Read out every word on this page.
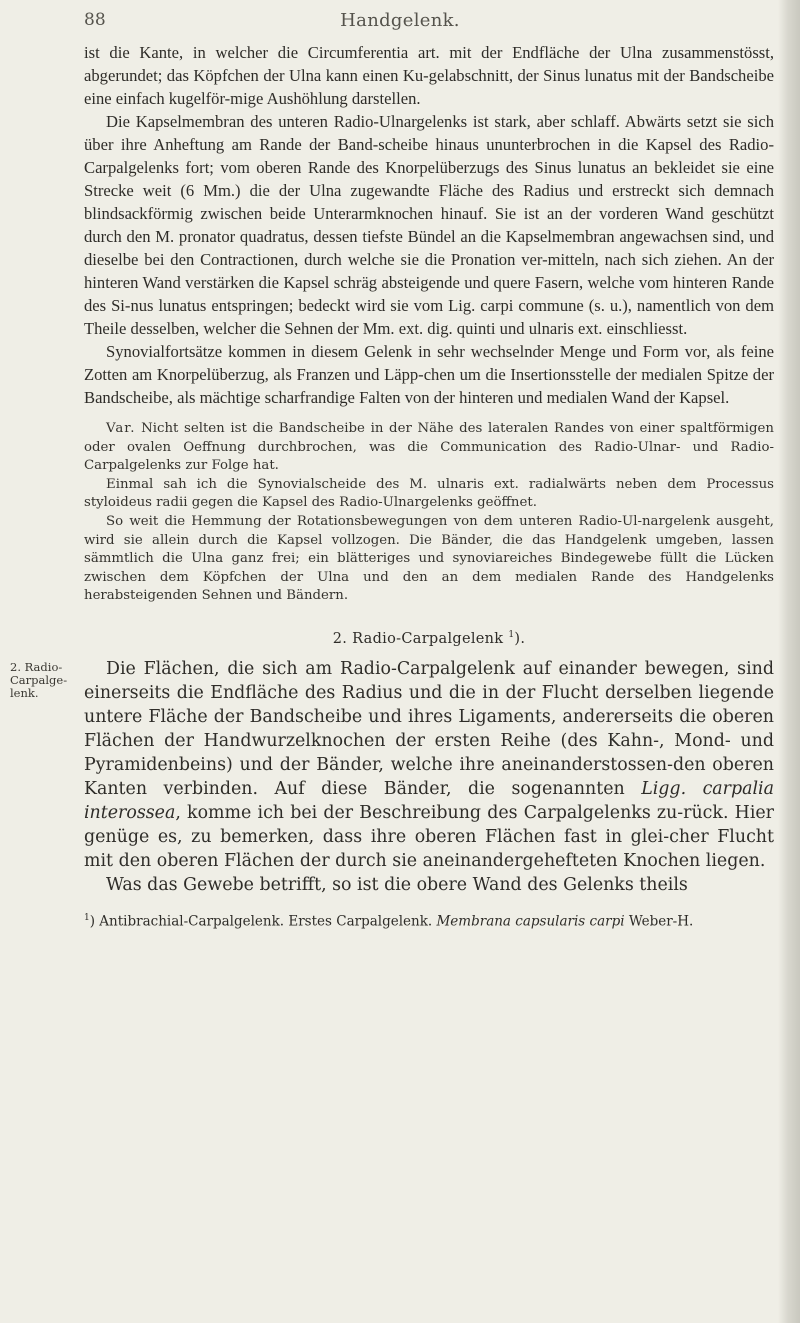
88	Handgelenk.
2. Radio-Carpalge-lenk.

ist die Kante, in welcher die Circumferentia art. mit der Endfläche der Ulna zusammenstösst, abgerundet; das Köpfchen der Ulna kann einen Ku-gelabschnitt, der Sinus lunatus mit der Bandscheibe eine einfach kugelför-mige Aushöhlung darstellen.

Die Kapselmembran des unteren Radio-Ulnargelenks ist stark, aber schlaff. Abwärts setzt sie sich über ihre Anheftung am Rande der Band-scheibe hinaus ununterbrochen in die Kapsel des Radio-Carpalgelenks fort; vom oberen Rande des Knorpelüberzugs des Sinus lunatus an bekleidet sie eine Strecke weit (6 Mm.) die der Ulna zugewandte Fläche des Radius und erstreckt sich demnach blindsackförmig zwischen beide Unterarmknochen hinauf. Sie ist an der vorderen Wand geschützt durch den M. pronator quadratus, dessen tiefste Bündel an die Kapselmembran angewachsen sind, und dieselbe bei den Contractionen, durch welche sie die Pronation ver-mitteln, nach sich ziehen. An der hinteren Wand verstärken die Kapsel schräg absteigende und quere Fasern, welche vom hinteren Rande des Si-nus lunatus entspringen; bedeckt wird sie vom Lig. carpi commune (s. u.), namentlich von dem Theile desselben, welcher die Sehnen der Mm. ext. dig. quinti und ulnaris ext. einschliesst.

Synovialfortsätze kommen in diesem Gelenk in sehr wechselnder Menge und Form vor, als feine Zotten am Knorpelüberzug, als Franzen und Läpp-chen um die Insertionsstelle der medialen Spitze der Bandscheibe, als mächtige scharfrandige Falten von der hinteren und medialen Wand der Kapsel.

Var. Nicht selten ist die Bandscheibe in der Nähe des lateralen Randes von einer spaltförmigen oder ovalen Oeffnung durchbrochen, was die Communication des Radio-Ulnar- und Radio-Carpalgelenks zur Folge hat.

Einmal sah ich die Synovialscheide des M. ulnaris ext. radialwärts neben dem Processus styloideus radii gegen die Kapsel des Radio-Ulnargelenks geöffnet.

So weit die Hemmung der Rotationsbewegungen von dem unteren Radio-Ul-nargelenk ausgeht, wird sie allein durch die Kapsel vollzogen. Die Bänder, die das Handgelenk umgeben, lassen sämmtlich die Ulna ganz frei; ein blätteriges und synoviareiches Bindegewebe füllt die Lücken zwischen dem Köpfchen der Ulna und den an dem medialen Rande des Handgelenks herabsteigenden Sehnen und Bändern.

2. Radio-Carpalgelenk $^1$).

Die Flächen, die sich am Radio-Carpalgelenk auf einander bewegen, sind einerseits die Endfläche des Radius und die in der Flucht derselben liegende untere Fläche der Bandscheibe und ihres Ligaments, andererseits die oberen Flächen der Handwurzelknochen der ersten Reihe (des Kahn-, Mond- und Pyramidenbeins) und der Bänder, welche ihre aneinanderstossen-den oberen Kanten verbinden. Auf diese Bänder, die sogenannten Ligg. carpalia interossea, komme ich bei der Beschreibung des Carpalgelenks zu-rück. Hier genüge es, zu bemerken, dass ihre oberen Flächen fast in glei-cher Flucht mit den oberen Flächen der durch sie aneinandergehefteten Knochen liegen.

Was das Gewebe betrifft, so ist die obere Wand des Gelenks theils

$^1$) Antibrachial-Carpalgelenk. Erstes Carpalgelenk. Membrana capsularis carpi Weber-H.
